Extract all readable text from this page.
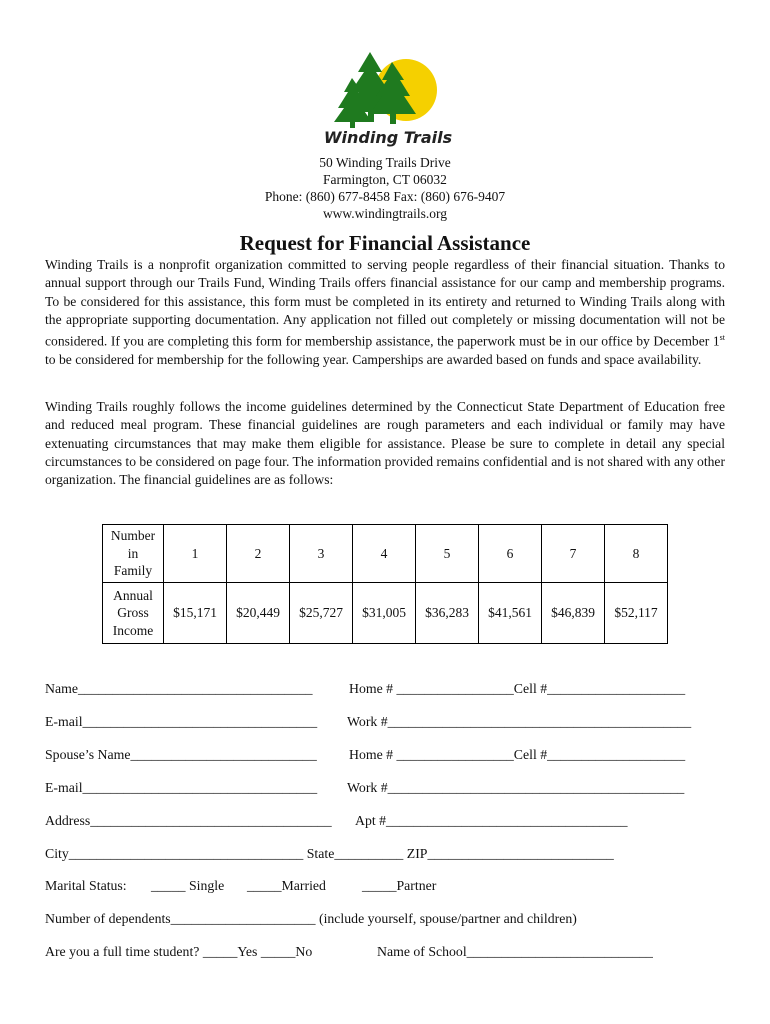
Winding Trails
50 Winding Trails Drive
Farmington, CT 06032
Phone: (860) 677-8458 Fax: (860) 676-9407
www.windingtrails.org
Request for Financial Assistance
Winding Trails is a nonprofit organization committed to serving people regardless of their financial situation. Thanks to annual support through our Trails Fund, Winding Trails offers financial assistance for our camp and membership programs. To be considered for this assistance, this form must be completed in its entirety and returned to Winding Trails along with the appropriate supporting documentation. Any application not filled out completely or missing documentation will not be considered. If you are completing this form for membership assistance, the paperwork must be in our office by December 1st to be considered for membership for the following year. Camperships are awarded based on funds and space availability.
Winding Trails roughly follows the income guidelines determined by the Connecticut State Department of Education free and reduced meal program. These financial guidelines are rough parameters and each individual or family may have extenuating circumstances that may make them eligible for assistance. Please be sure to complete in detail any special circumstances to be considered on page four. The information provided remains confidential and is not shared with any other organization. The financial guidelines are as follows:
Number
in
Family	1	2	3	4	5	6	7	8

Annual
Gross
Income	$15,171	$20,449	$25,727	$31,005	$36,283	$41,561	$46,839	$52,117
Name__________________________________	Home # _________________Cell #____________________
E-mail__________________________________ Work #____________________________________________
Spouse’s Name___________________________ Home # _________________Cell #____________________
E-mail__________________________________ Work #___________________________________________
Address___________________________________ Apt #___________________________________
City__________________________________ State__________ ZIP___________________________
Marital Status: _____ Single _____Married	_____Partner
Number of dependents_____________________ (include yourself, spouse/partner and children)
Are you a full time student? _____Yes _____No	Name of School___________________________
